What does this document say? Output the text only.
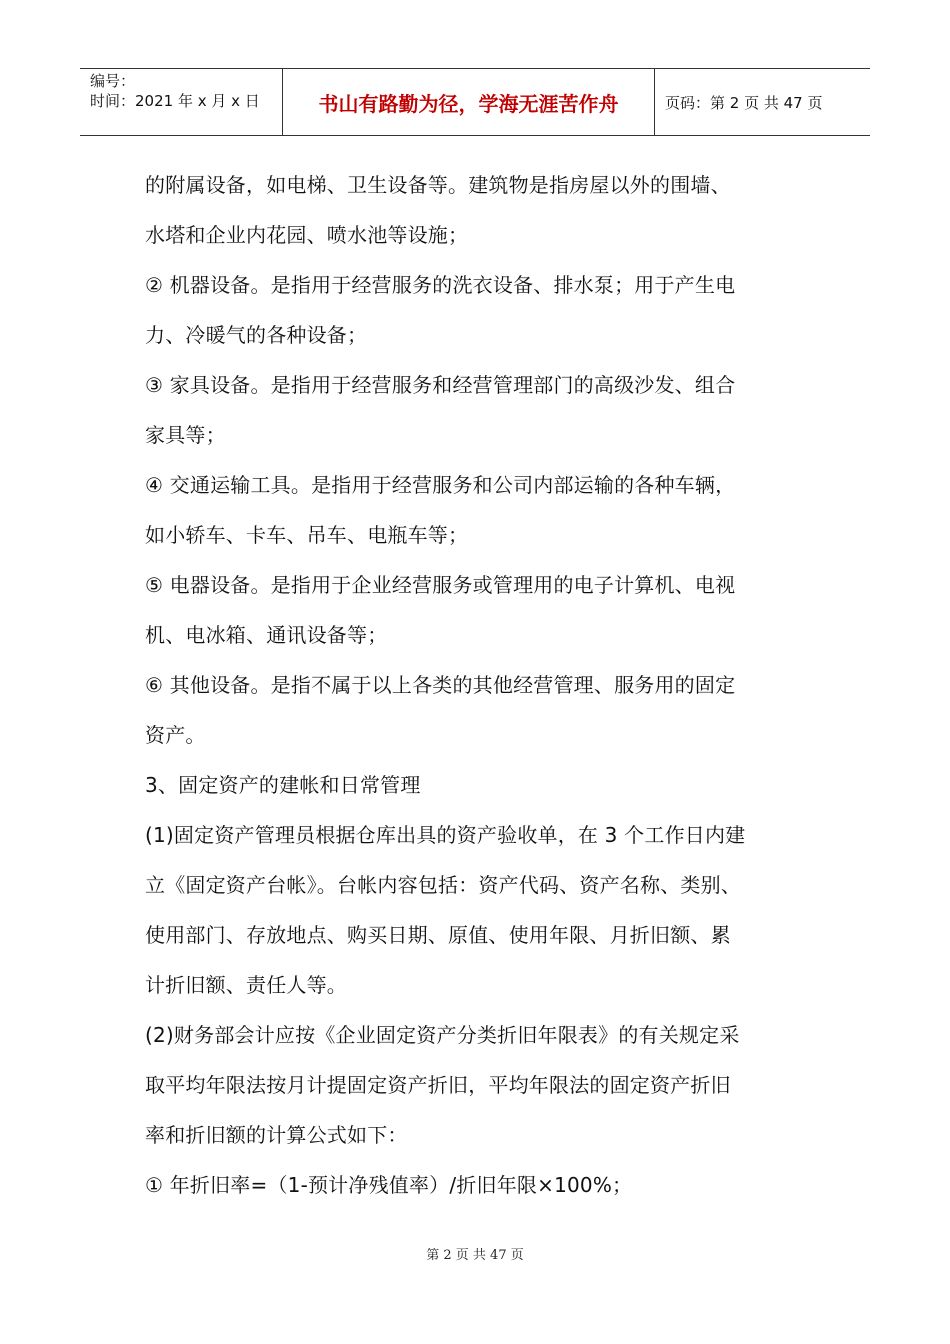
编号：
时间：2021 年 x 月 x 日	书山有路勤为径，学海无涯苦作舟	页码：第 2 页 共 47 页
的附属设备，如电梯、卫生设备等。建筑物是指房屋以外的围墙、
水塔和企业内花园、喷水池等设施；
② 机器设备。是指用于经营服务的洗衣设备、排水泵；用于产生电
力、冷暖气的各种设备；
③ 家具设备。是指用于经营服务和经营管理部门的高级沙发、组合
家具等；
④ 交通运输工具。是指用于经营服务和公司内部运输的各种车辆，
如小轿车、卡车、吊车、电瓶车等；
⑤ 电器设备。是指用于企业经营服务或管理用的电子计算机、电视
机、电冰箱、通讯设备等；
⑥ 其他设备。是指不属于以上各类的其他经营管理、服务用的固定
资产。
3、固定资产的建帐和日常管理
(1)固定资产管理员根据仓库出具的资产验收单，在 3 个工作日内建
立《固定资产台帐》。台帐内容包括：资产代码、资产名称、类别、
使用部门、存放地点、购买日期、原值、使用年限、月折旧额、累
计折旧额、责任人等。
(2)财务部会计应按《企业固定资产分类折旧年限表》的有关规定采
取平均年限法按月计提固定资产折旧，平均年限法的固定资产折旧
率和折旧额的计算公式如下：
① 年折旧率=（1-预计净残值率）/折旧年限×100%；
第 2 页 共 47 页
